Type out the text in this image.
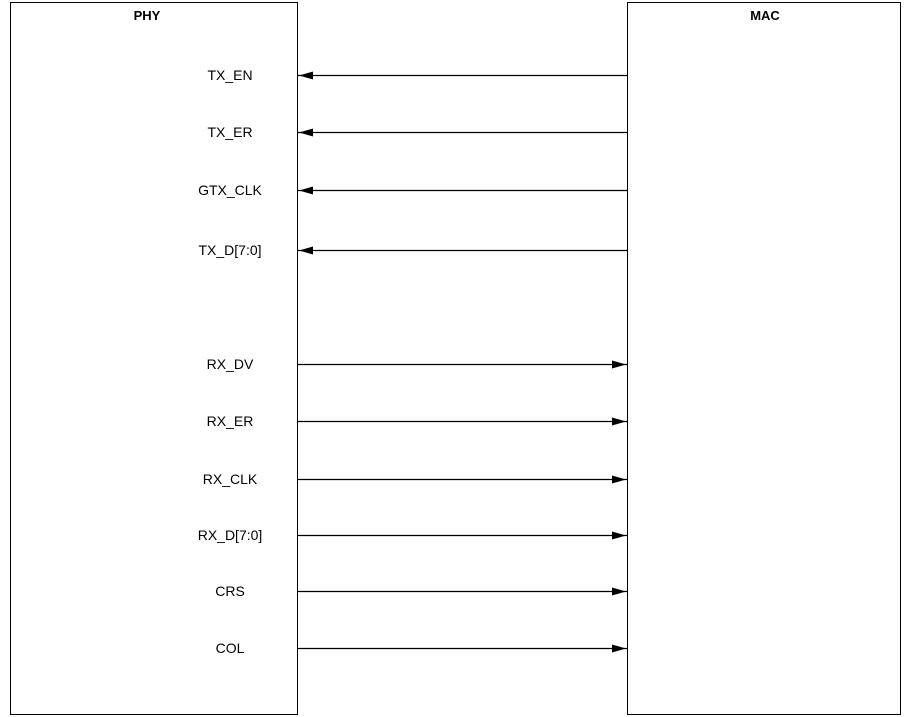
PHY	MAC
TX_EN
TX_ER
GTX_CLK
TX_D[7:0]
RX_DV
RX_ER
RX_CLK
RX_D[7:0]
CRS
COL
